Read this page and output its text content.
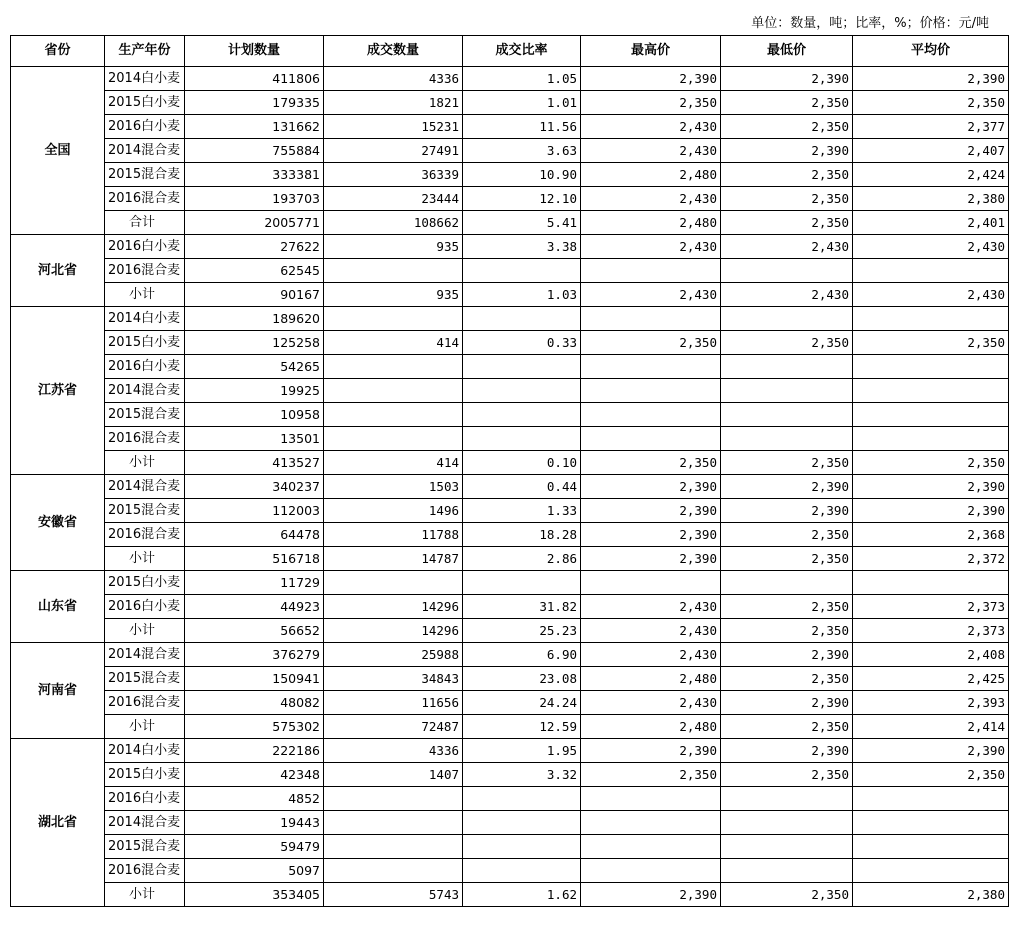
单位：数量，吨；比率，%；价格：元/吨
省份	生产年份	计划数量	成交数量	成交比率	最高价	最低价	平均价
全国	2014白小麦	411806	4336	1.05	2,390	2,390	2,390
	2015白小麦	179335	1821	1.01	2,350	2,350	2,350
	2016白小麦	131662	15231	11.56	2,430	2,350	2,377
	2014混合麦	755884	27491	3.63	2,430	2,390	2,407
	2015混合麦	333381	36339	10.90	2,480	2,350	2,424
	2016混合麦	193703	23444	12.10	2,430	2,350	2,380
	合计	2005771	108662	5.41	2,480	2,350	2,401
河北省	2016白小麦	27622	935	3.38	2,430	2,430	2,430
	2016混合麦	62545					
	小计	90167	935	1.03	2,430	2,430	2,430
江苏省	2014白小麦	189620					
	2015白小麦	125258	414	0.33	2,350	2,350	2,350
	2016白小麦	54265					
	2014混合麦	19925					
	2015混合麦	10958					
	2016混合麦	13501					
	小计	413527	414	0.10	2,350	2,350	2,350
安徽省	2014混合麦	340237	1503	0.44	2,390	2,390	2,390
	2015混合麦	112003	1496	1.33	2,390	2,390	2,390
	2016混合麦	64478	11788	18.28	2,390	2,350	2,368
	小计	516718	14787	2.86	2,390	2,350	2,372
山东省	2015白小麦	11729					
	2016白小麦	44923	14296	31.82	2,430	2,350	2,373
	小计	56652	14296	25.23	2,430	2,350	2,373
河南省	2014混合麦	376279	25988	6.90	2,430	2,390	2,408
	2015混合麦	150941	34843	23.08	2,480	2,350	2,425
	2016混合麦	48082	11656	24.24	2,430	2,390	2,393
	小计	575302	72487	12.59	2,480	2,350	2,414
湖北省	2014白小麦	222186	4336	1.95	2,390	2,390	2,390
	2015白小麦	42348	1407	3.32	2,350	2,350	2,350
	2016白小麦	4852					
	2014混合麦	19443					
	2015混合麦	59479					
	2016混合麦	5097					
	小计	353405	5743	1.62	2,390	2,350	2,380
